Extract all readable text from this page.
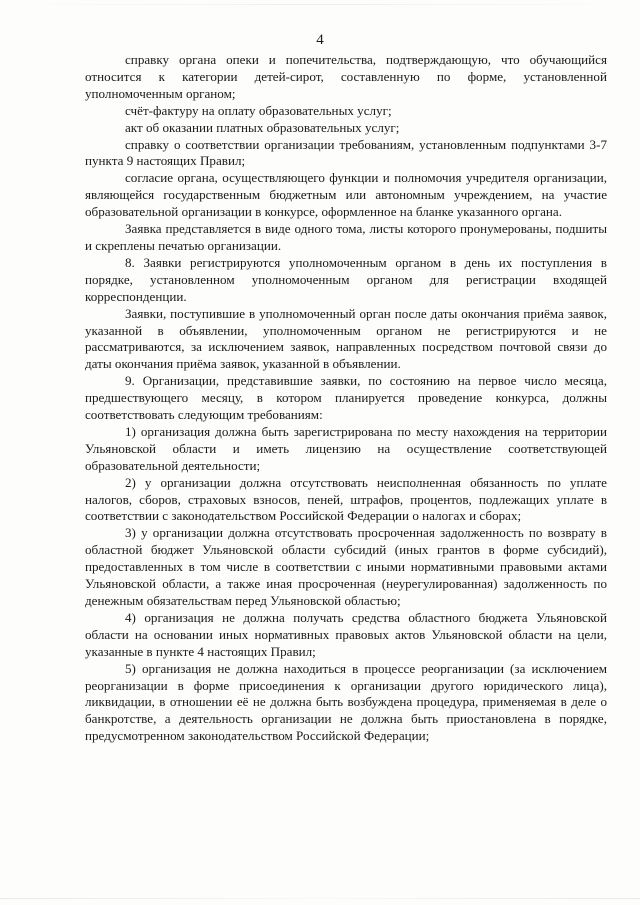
4

справку органа опеки и попечительства, подтверждающую, что обучающийся относится к категории детей-сирот, составленную по форме, установленной уполномоченным органом;

счёт-фактуру на оплату образовательных услуг;

акт об оказании платных образовательных услуг;

справку о соответствии организации требованиям, установленным подпунктами 3-7 пункта 9 настоящих Правил;

согласие органа, осуществляющего функции и полномочия учредителя организации, являющейся государственным бюджетным или автономным учреждением, на участие образовательной организации в конкурсе, оформленное на бланке указанного органа.

Заявка представляется в виде одного тома, листы которого пронумерованы, подшиты и скреплены печатью организации.

8. Заявки регистрируются уполномоченным органом в день их поступления в порядке, установленном уполномоченным органом для регистрации входящей корреспонденции.

Заявки, поступившие в уполномоченный орган после даты окончания приёма заявок, указанной в объявлении, уполномоченным органом не регистрируются и не рассматриваются, за исключением заявок, направленных посредством почтовой связи до даты окончания приёма заявок, указанной в объявлении.

9. Организации, представившие заявки, по состоянию на первое число месяца, предшествующего месяцу, в котором планируется проведение конкурса, должны соответствовать следующим требованиям:

1) организация должна быть зарегистрирована по месту нахождения на территории Ульяновской области и иметь лицензию на осуществление соответствующей образовательной деятельности;

2) у организации должна отсутствовать неисполненная обязанность по уплате налогов, сборов, страховых взносов, пеней, штрафов, процентов, подлежащих уплате в соответствии с законодательством Российской Федерации о налогах и сборах;

3) у организации должна отсутствовать просроченная задолженность по возврату в областной бюджет Ульяновской области субсидий (иных грантов в форме субсидий), предоставленных в том числе в соответствии с иными нормативными правовыми актами Ульяновской области, а также иная просроченная (неурегулированная) задолженность по денежным обязательствам перед Ульяновской областью;

4) организация не должна получать средства областного бюджета Ульяновской области на основании иных нормативных правовых актов Ульяновской области на цели, указанные в пункте 4 настоящих Правил;

5) организация не должна находиться в процессе реорганизации (за исключением реорганизации в форме присоединения к организации другого юридического лица), ликвидации, в отношении её не должна быть возбуждена процедура, применяемая в деле о банкротстве, а деятельность организации не должна быть приостановлена в порядке, предусмотренном законодательством Российской Федерации;
